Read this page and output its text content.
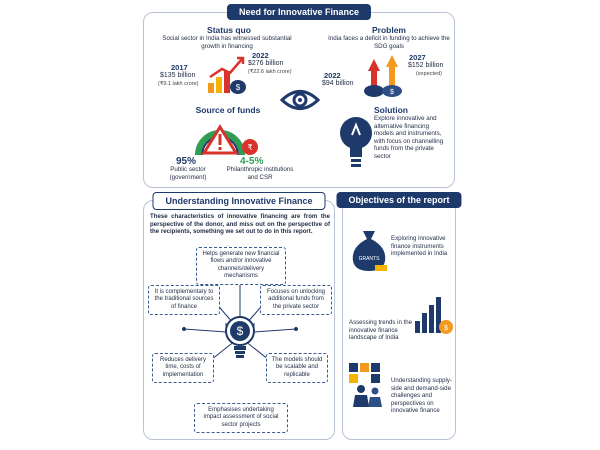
Need for Innovative Finance
Status quo
Social sector in India has witnessed substantial growth in financing
2017
$135 billion
(₹9.1 lakh crore)
2022
$276 billion
(₹22.6 lakh crore)
$
Problem
India faces a deficit in funding to achieve the SDG goals
2022
$94 billion
2027
$152 billion
(expected)
$
Source of funds
₹
95%
Public sector (government)
4-5%
Philanthropic institutions and CSR
Solution
Explore innovative and alternative financing models and instruments, with focus on channelling funds from the private sector
Understanding Innovative Finance
These characteristics of innovative financing are from the perspective of the donor, and miss out on the perspective of the recipients, something we set out to do in this report.
$
Helps generate new financial flows and/or innovative channels/delivery mechanisms
It is complementary to the traditional sources of finance
Focuses on unlocking additional funds from the private sector
Reduces delivery time, costs of implementation
The models should be scalable and replicable
Emphasises undertaking impact assessment of social sector projects
Objectives of the report
GRANTS
Exploring innovative finance instruments implemented in India
$
Assessing trends in the innovative finance landscape of India
Understanding supply-side and demand-side challenges and perspectives on innovative finance
